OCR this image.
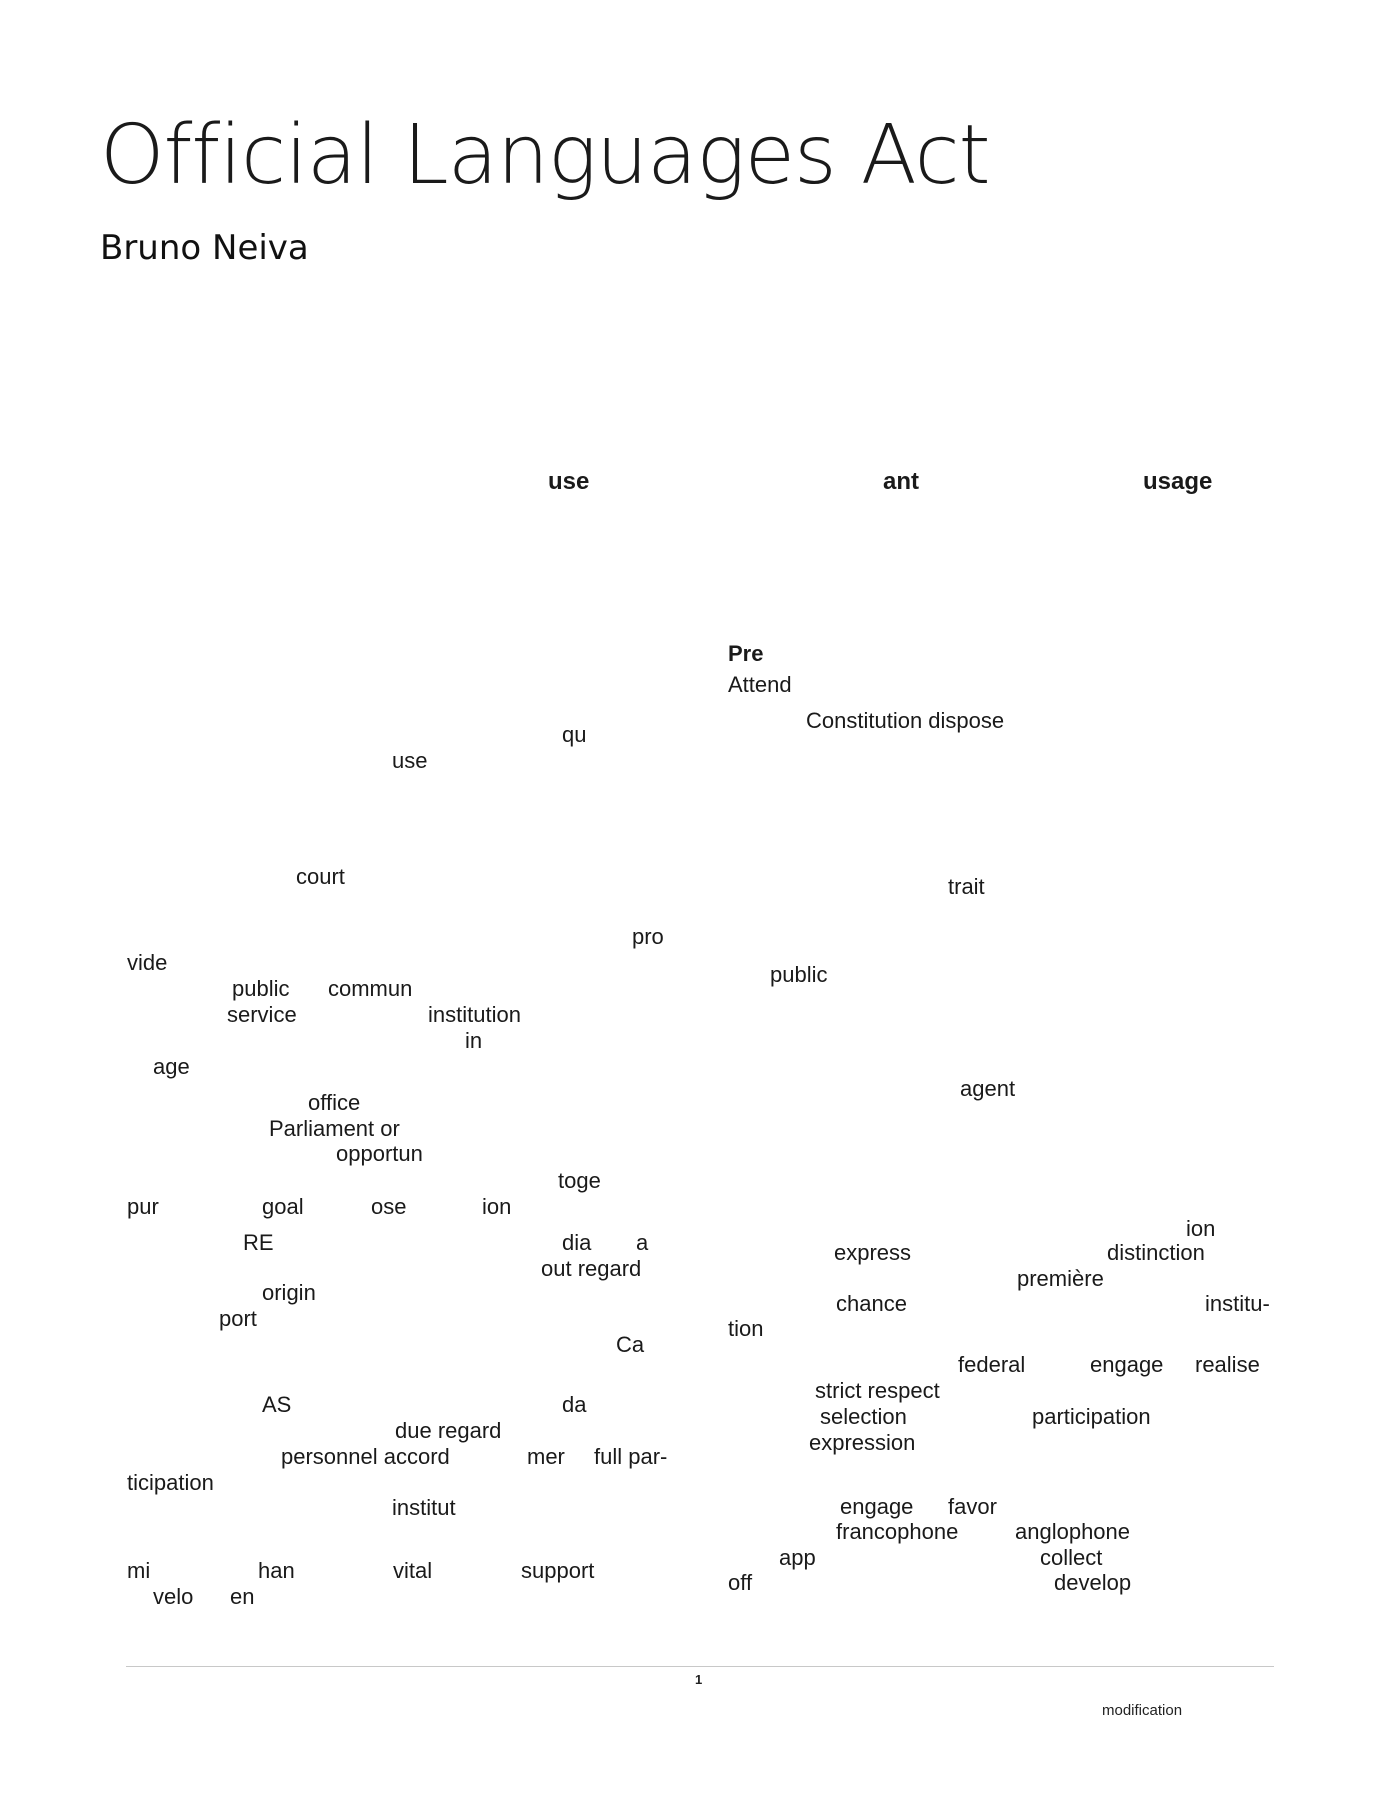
Official Languages Act
Bruno Neiva
use	ant	usage
Pre
Attend
Constitution dispose
qu
use
court	trait
pro
vide	public
public commun
service	institution
in
age
agent
office
Parliament or
opportun
toge
pur	goal	ose	ion
ion
RE	dia a	express	distinction
out regard	première
origin	chance	institu-
port	tion
Ca
federal	engage realise
strict respect
AS	da	selection	participation
due regard	expression
personnel accord	mer full par-
ticipation
institut	engage favor
francophone	anglophone
app	collect
mi	han	vital	support	off	develop
velo en
1
modification
